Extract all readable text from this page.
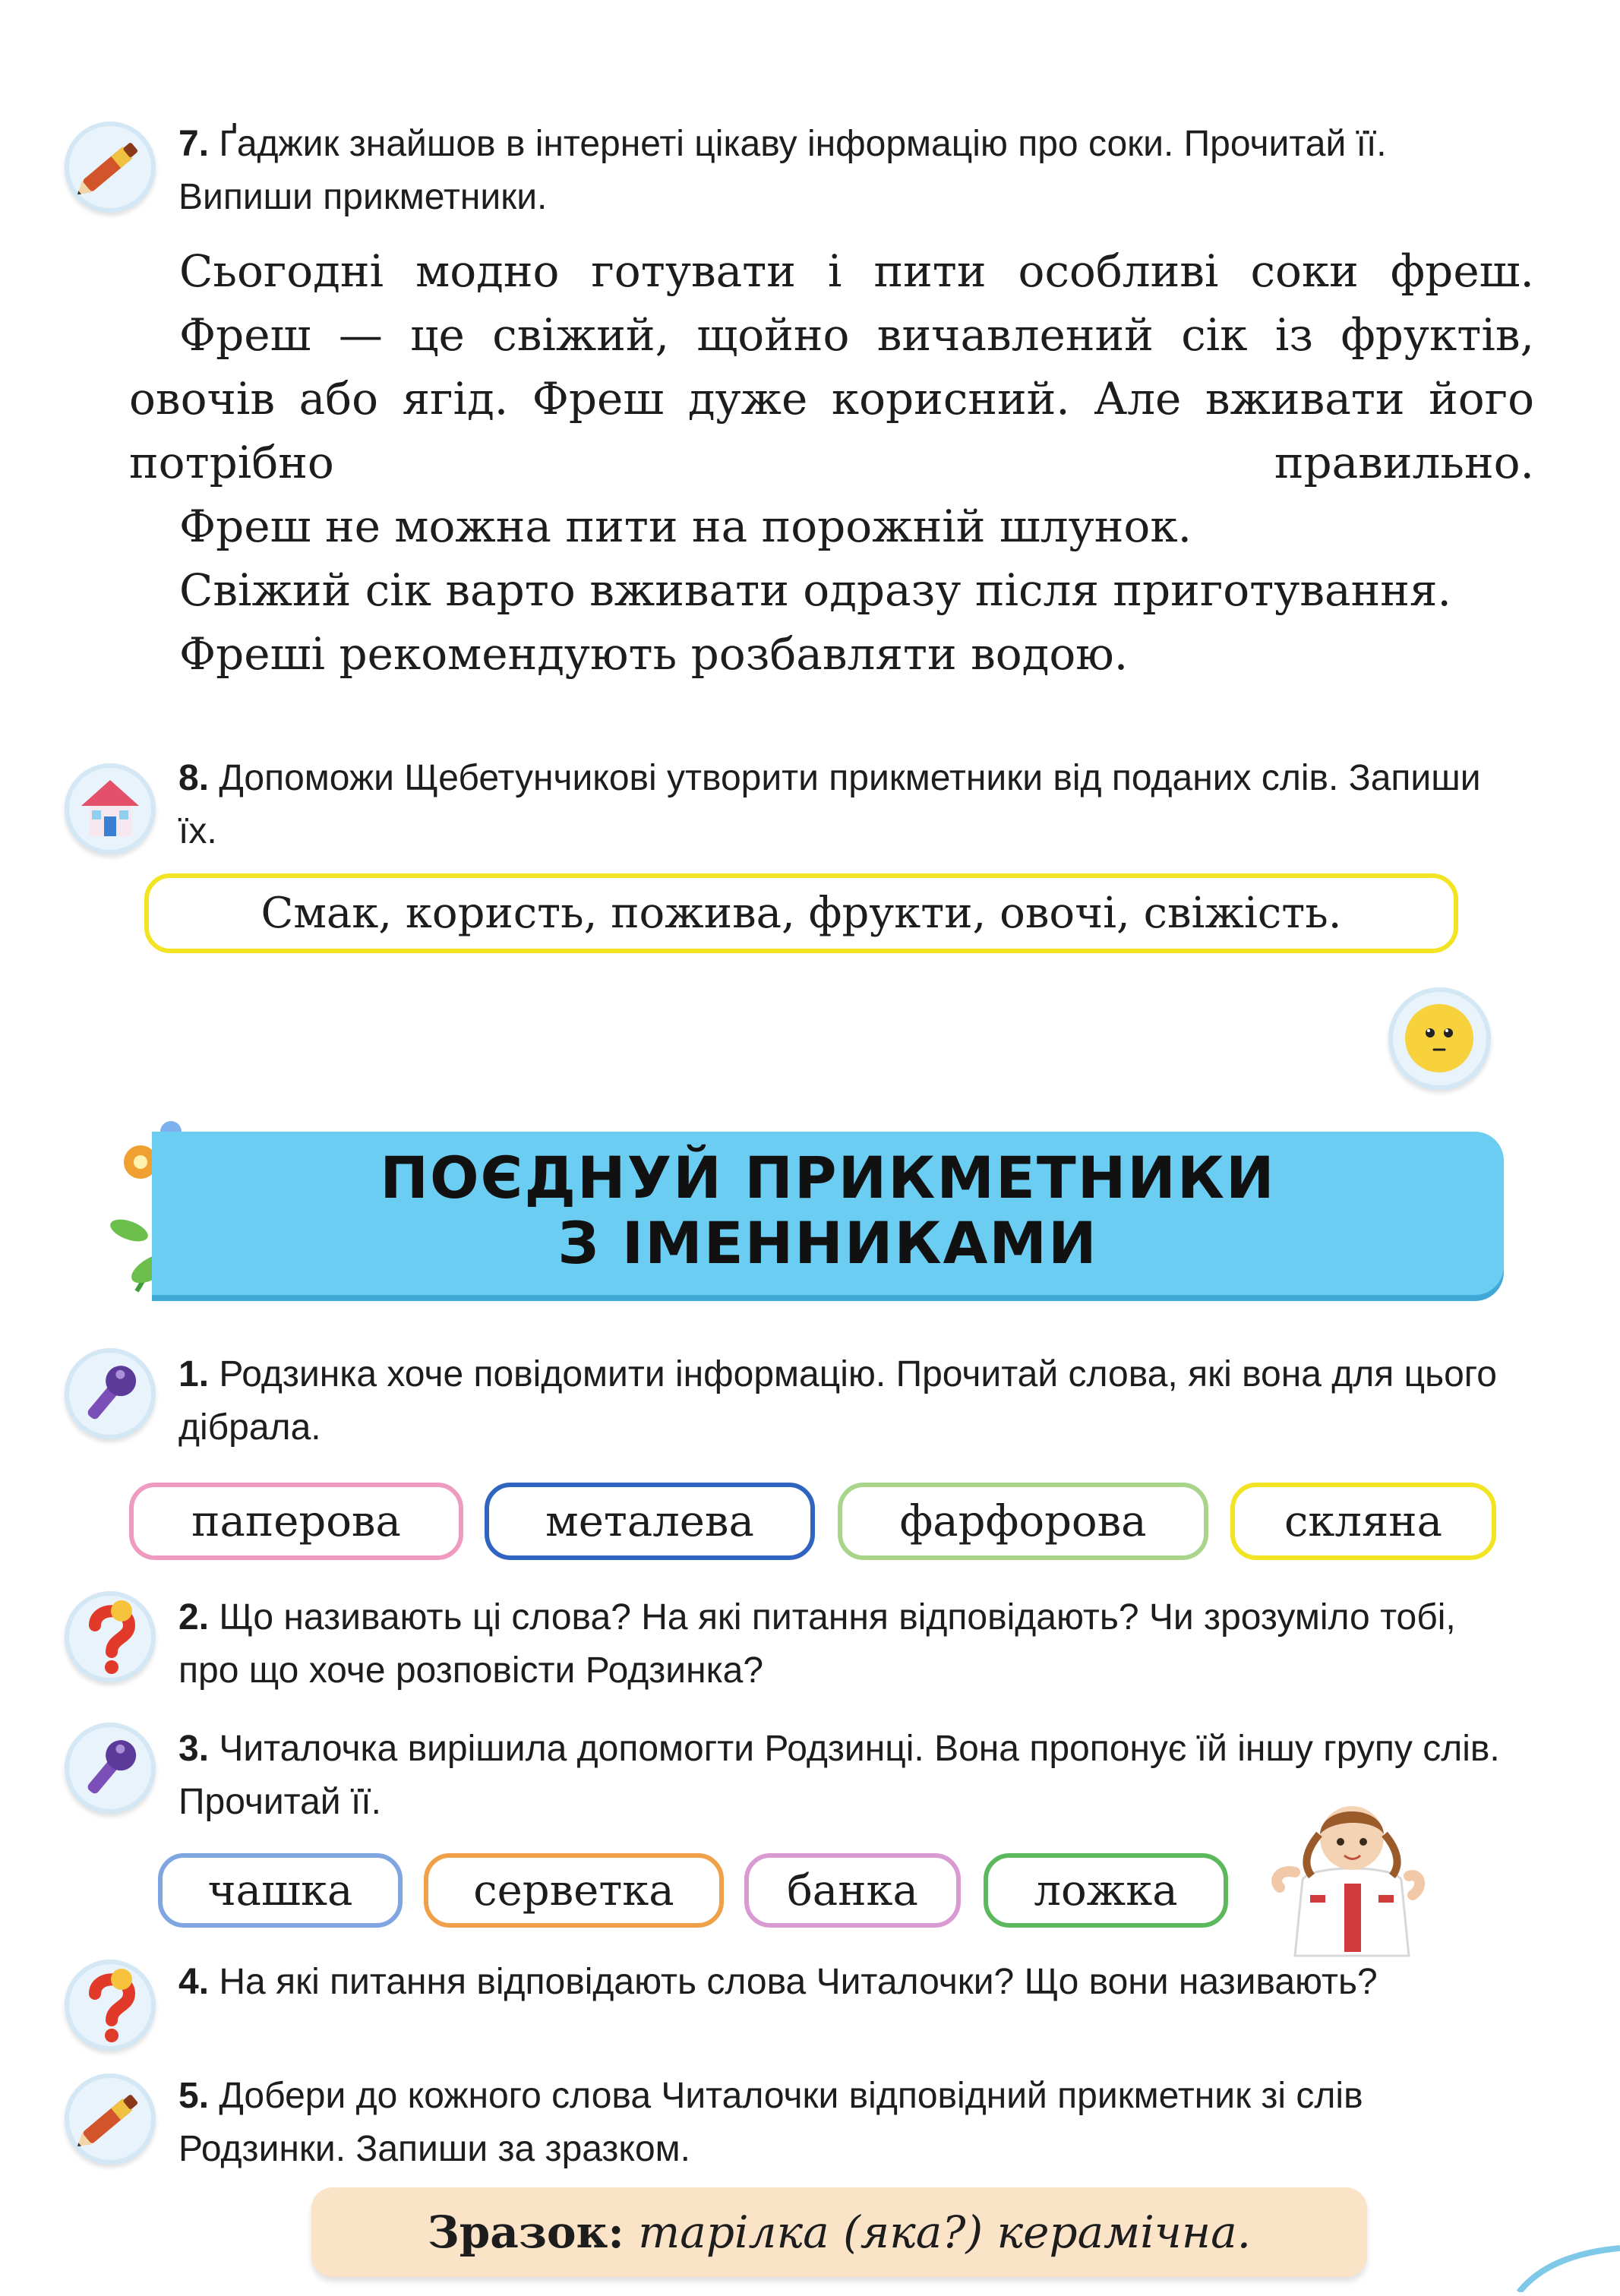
7. Ґаджик знайшов в інтернеті цікаву інформацію про соки. Прочитай її. Випиши прикметники.
Сьогодні модно готувати і пити особливі соки фреш.
Фреш — це свіжий, щойно вичавлений сік із фруктів, овочів або ягід. Фреш дуже корисний. Але вживати його потрібно правильно.
Фреш не можна пити на порожній шлунок.
Свіжий сік варто вживати одразу після приготування.
Фреші рекомендують розбавляти водою.
8. Допоможи Щебетунчикові утворити прикметники від поданих слів. Запиши їх.
Смак, користь, пожива, фрукти, овочі, свіжість.
ПОЄДНУЙ ПРИКМЕТНИКИ
З ІМЕННИКАМИ
1. Родзинка хоче повідомити інформацію. Прочитай слова, які вона для цього дібрала.
паперова	металева	фарфорова	скляна
2. Що називають ці слова? На які питання відповідають? Чи зрозуміло тобі, про що хоче розповісти Родзинка?
3. Читалочка вирішила допомогти Родзинці. Вона пропонує їй іншу групу слів. Прочитай її.
чашка	серветка	банка	ложка
4. На які питання відповідають слова Читалочки? Що вони називають?
5. Добери до кожного слова Читалочки відповідний прикметник зі слів Родзинки. Запиши за зразком.
Зразок:
тарілка (яка?) керамічна.
